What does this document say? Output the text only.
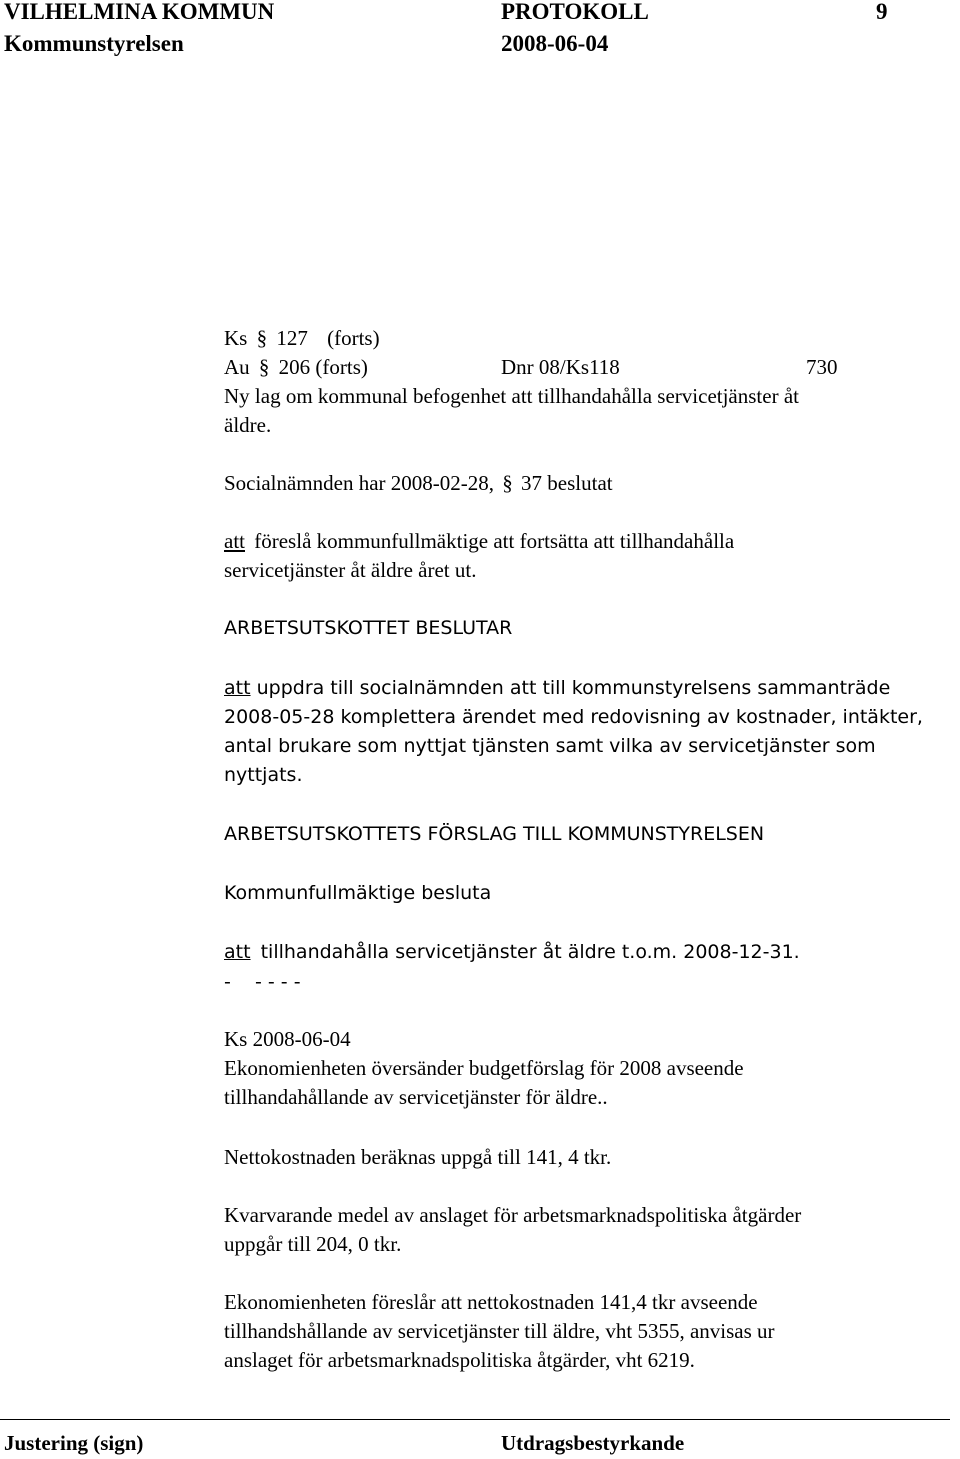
VILHELMINA KOMMUN	PROTOKOLL	9
Kommunstyrelsen	2008-06-04
Ks § 127 (forts)
Au § 206 (forts)	Dnr 08/Ks118	730
Ny lag om kommunal befogenhet att tillhandahålla servicetjänster åt
äldre.
Socialnämnden har 2008-02-28, § 37 beslutat
att föreslå kommunfullmäktige att fortsätta att tillhandahålla
servicetjänster åt äldre året ut.
ARBETSUTSKOTTET BESLUTAR
att uppdra till socialnämnden att till kommunstyrelsens sammanträde
2008-05-28 komplettera ärendet med redovisning av kostnader, intäkter,
antal brukare som nyttjat tjänsten samt vilka av servicetjänster som
nyttjats.
ARBETSUTSKOTTETS FÖRSLAG TILL KOMMUNSTYRELSEN
Kommunfullmäktige besluta
att tillhandahålla servicetjänster åt äldre t.o.m. 2008-12-31.
-    - - - -
Ks 2008-06-04
Ekonomienheten översänder budgetförslag för 2008 avseende
tillhandahållande av servicetjänster för äldre..
Nettokostnaden beräknas uppgå till 141, 4 tkr.
Kvarvarande medel av anslaget för arbetsmarknadspolitiska åtgärder
uppgår till 204, 0 tkr.
Ekonomienheten föreslår att nettokostnaden 141,4 tkr avseende
tillhandshållande av servicetjänster till äldre, vht 5355, anvisas ur
anslaget för arbetsmarknadspolitiska åtgärder, vht 6219.
Justering (sign)	Utdragsbestyrkande
